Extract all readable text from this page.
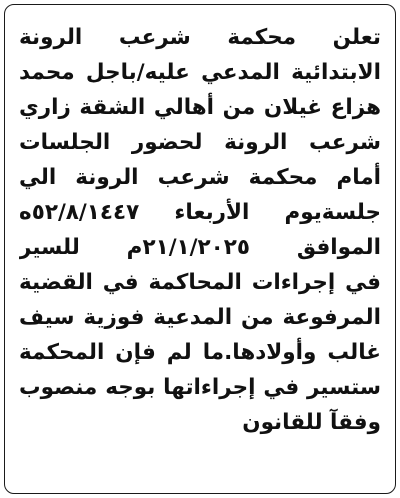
تعلن محكمة شرعب الرونة
الابتدائية المدعي عليه/باجل محمد
هزاع غيلان من أهالي الشقة زاري
شرعب الرونة لحضور الجلسات
أمام محكمة شرعب الرونة الي
جلسةيوم الأربعاء ٥٢/٨/١٤٤٧ه
الموافق ٢١/١/٢٠٢٥م للسير
في إجراءات المحاكمة في القضية
المرفوعة من المدعية فوزية سيف
غالب وأولادها.ما لم فإن المحكمة
ستسير في إجراءاتها بوجه منصوب
وفقآ للقانون
